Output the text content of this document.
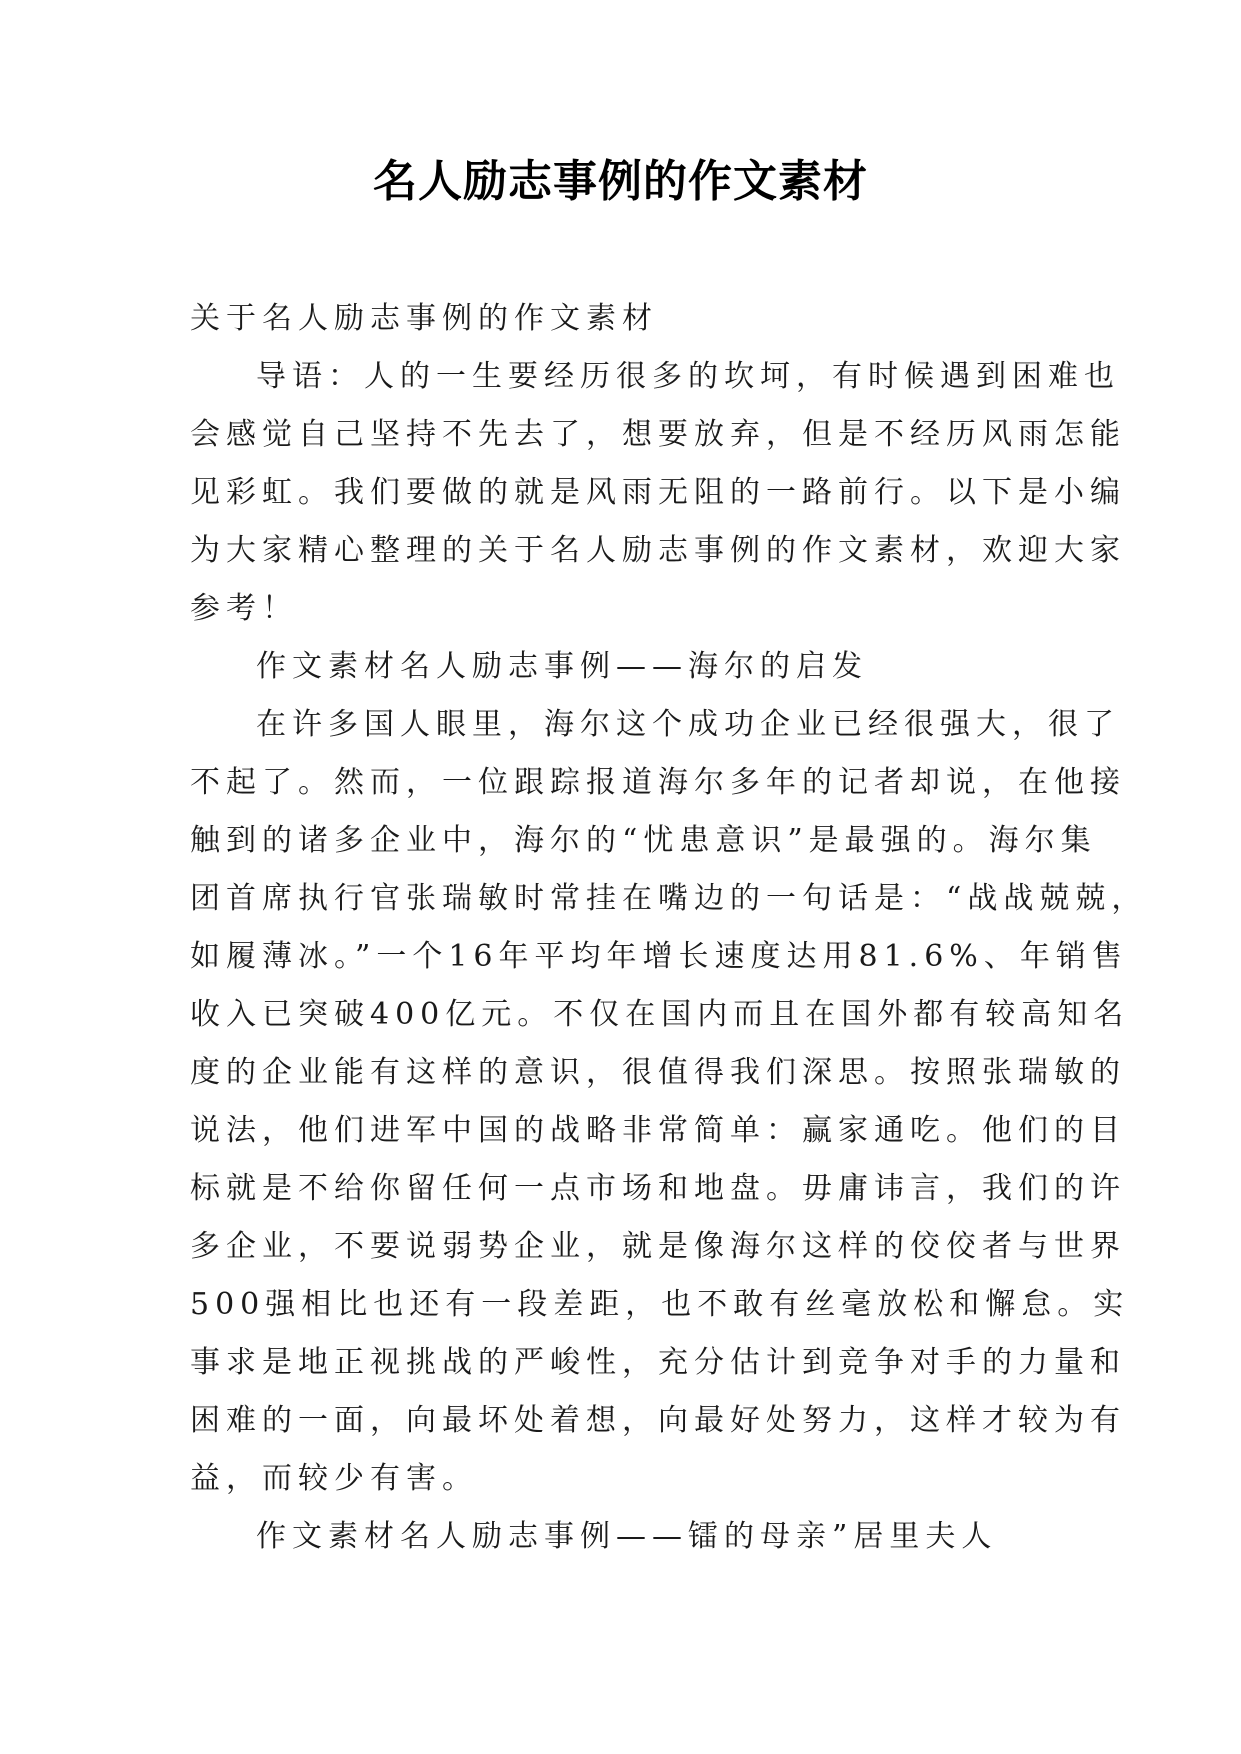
名人励志事例的作文素材
关于名人励志事例的作文素材
导语：人的一生要经历很多的坎坷，有时候遇到困难也
会感觉自己坚持不先去了，想要放弃，但是不经历风雨怎能
见彩虹。我们要做的就是风雨无阻的一路前行。以下是小编
为大家精心整理的关于名人励志事例的作文素材，欢迎大家
参考！
作文素材名人励志事例——海尔的启发
在许多国人眼里，海尔这个成功企业已经很强大，很了
不起了。然而，一位跟踪报道海尔多年的记者却说，在他接
触到的诸多企业中，海尔的“忧患意识”是最强的。海尔集
团首席执行官张瑞敏时常挂在嘴边的一句话是：“战战兢兢，
如履薄冰。”一个16年平均年增长速度达用81.6%、年销售
收入已突破400亿元。不仅在国内而且在国外都有较高知名
度的企业能有这样的意识，很值得我们深思。按照张瑞敏的
说法，他们进军中国的战略非常简单：赢家通吃。他们的目
标就是不给你留任何一点市场和地盘。毋庸讳言，我们的许
多企业，不要说弱势企业，就是像海尔这样的佼佼者与世界
500强相比也还有一段差距，也不敢有丝毫放松和懈怠。实
事求是地正视挑战的严峻性，充分估计到竞争对手的力量和
困难的一面，向最坏处着想，向最好处努力，这样才较为有
益，而较少有害。
作文素材名人励志事例——镭的母亲”居里夫人
